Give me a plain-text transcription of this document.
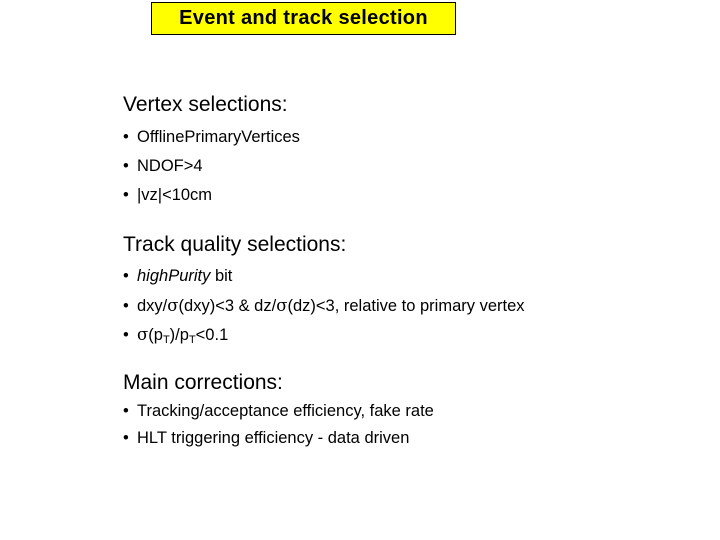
Event and track selection
Vertex selections:
• OfflinePrimaryVertices
• NDOF>4
• |vz|<10cm
Track quality selections:
• highPurity bit
• dxy/σ(dxy)<3 & dz/σ(dz)<3, relative to primary vertex
• $\sigma(p_T)/p_T<0.1$
Main corrections:
• Tracking/acceptance efficiency, fake rate
• HLT triggering efficiency - data driven
